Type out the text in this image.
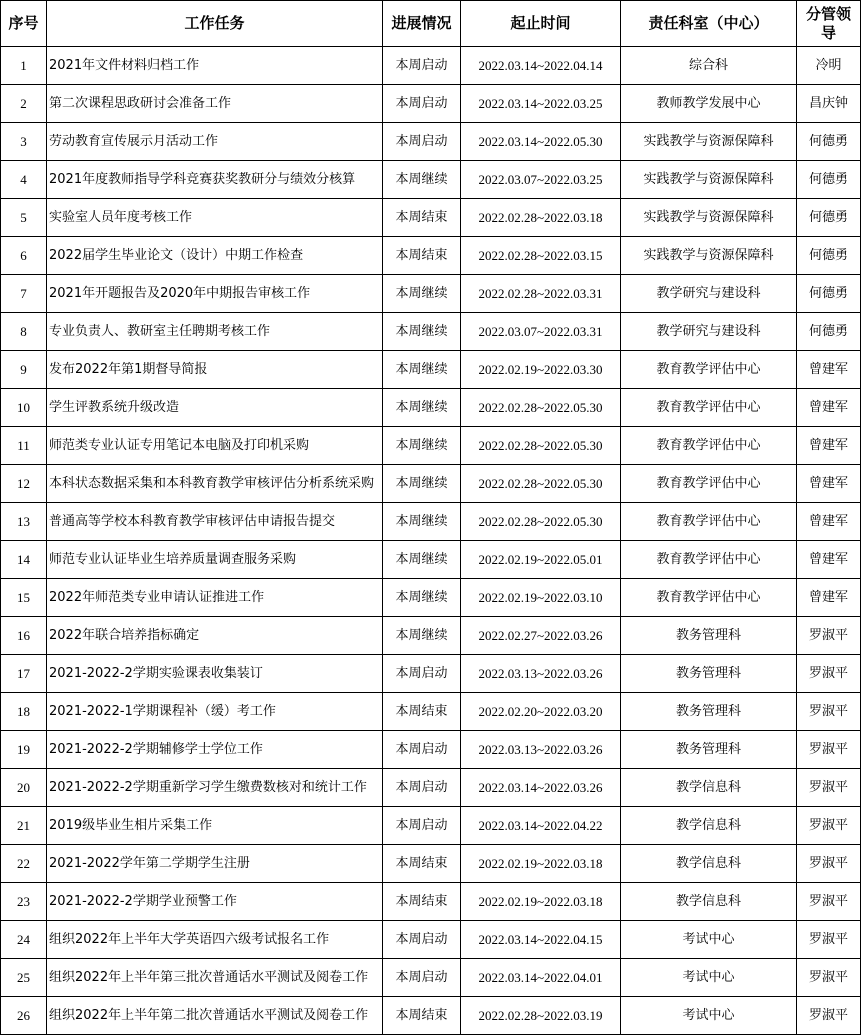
序号	工作任务	进展情况	起止时间	责任科室（中心）	分管领导
1	2021年文件材料归档工作	本周启动	2022.03.14~2022.04.14	综合科	冷明
2	第二次课程思政研讨会准备工作	本周启动	2022.03.14~2022.03.25	教师教学发展中心	昌庆钟
3	劳动教育宣传展示月活动工作	本周启动	2022.03.14~2022.05.30	实践教学与资源保障科	何德勇
4	2021年度教师指导学科竞赛获奖教研分与绩效分核算	本周继续	2022.03.07~2022.03.25	实践教学与资源保障科	何德勇
5	实验室人员年度考核工作	本周结束	2022.02.28~2022.03.18	实践教学与资源保障科	何德勇
6	2022届学生毕业论文（设计）中期工作检查	本周结束	2022.02.28~2022.03.15	实践教学与资源保障科	何德勇
7	2021年开题报告及2020年中期报告审核工作	本周继续	2022.02.28~2022.03.31	教学研究与建设科	何德勇
8	专业负责人、教研室主任聘期考核工作	本周继续	2022.03.07~2022.03.31	教学研究与建设科	何德勇
9	发布2022年第1期督导简报	本周继续	2022.02.19~2022.03.30	教育教学评估中心	曾建军
10	学生评教系统升级改造	本周继续	2022.02.28~2022.05.30	教育教学评估中心	曾建军
11	师范类专业认证专用笔记本电脑及打印机采购	本周继续	2022.02.28~2022.05.30	教育教学评估中心	曾建军
12	本科状态数据采集和本科教育教学审核评估分析系统采购	本周继续	2022.02.28~2022.05.30	教育教学评估中心	曾建军
13	普通高等学校本科教育教学审核评估申请报告提交	本周继续	2022.02.28~2022.05.30	教育教学评估中心	曾建军
14	师范专业认证毕业生培养质量调查服务采购	本周继续	2022.02.19~2022.05.01	教育教学评估中心	曾建军
15	2022年师范类专业申请认证推进工作	本周继续	2022.02.19~2022.03.10	教育教学评估中心	曾建军
16	2022年联合培养指标确定	本周继续	2022.02.27~2022.03.26	教务管理科	罗淑平
17	2021-2022-2学期实验课表收集装订	本周启动	2022.03.13~2022.03.26	教务管理科	罗淑平
18	2021-2022-1学期课程补（缓）考工作	本周结束	2022.02.20~2022.03.20	教务管理科	罗淑平
19	2021-2022-2学期辅修学士学位工作	本周启动	2022.03.13~2022.03.26	教务管理科	罗淑平
20	2021-2022-2学期重新学习学生缴费数核对和统计工作	本周启动	2022.03.14~2022.03.26	教学信息科	罗淑平
21	2019级毕业生相片采集工作	本周启动	2022.03.14~2022.04.22	教学信息科	罗淑平
22	2021-2022学年第二学期学生注册	本周结束	2022.02.19~2022.03.18	教学信息科	罗淑平
23	2021-2022-2学期学业预警工作	本周结束	2022.02.19~2022.03.18	教学信息科	罗淑平
24	组织2022年上半年大学英语四六级考试报名工作	本周启动	2022.03.14~2022.04.15	考试中心	罗淑平
25	组织2022年上半年第三批次普通话水平测试及阅卷工作	本周启动	2022.03.14~2022.04.01	考试中心	罗淑平
26	组织2022年上半年第二批次普通话水平测试及阅卷工作	本周结束	2022.02.28~2022.03.19	考试中心	罗淑平
